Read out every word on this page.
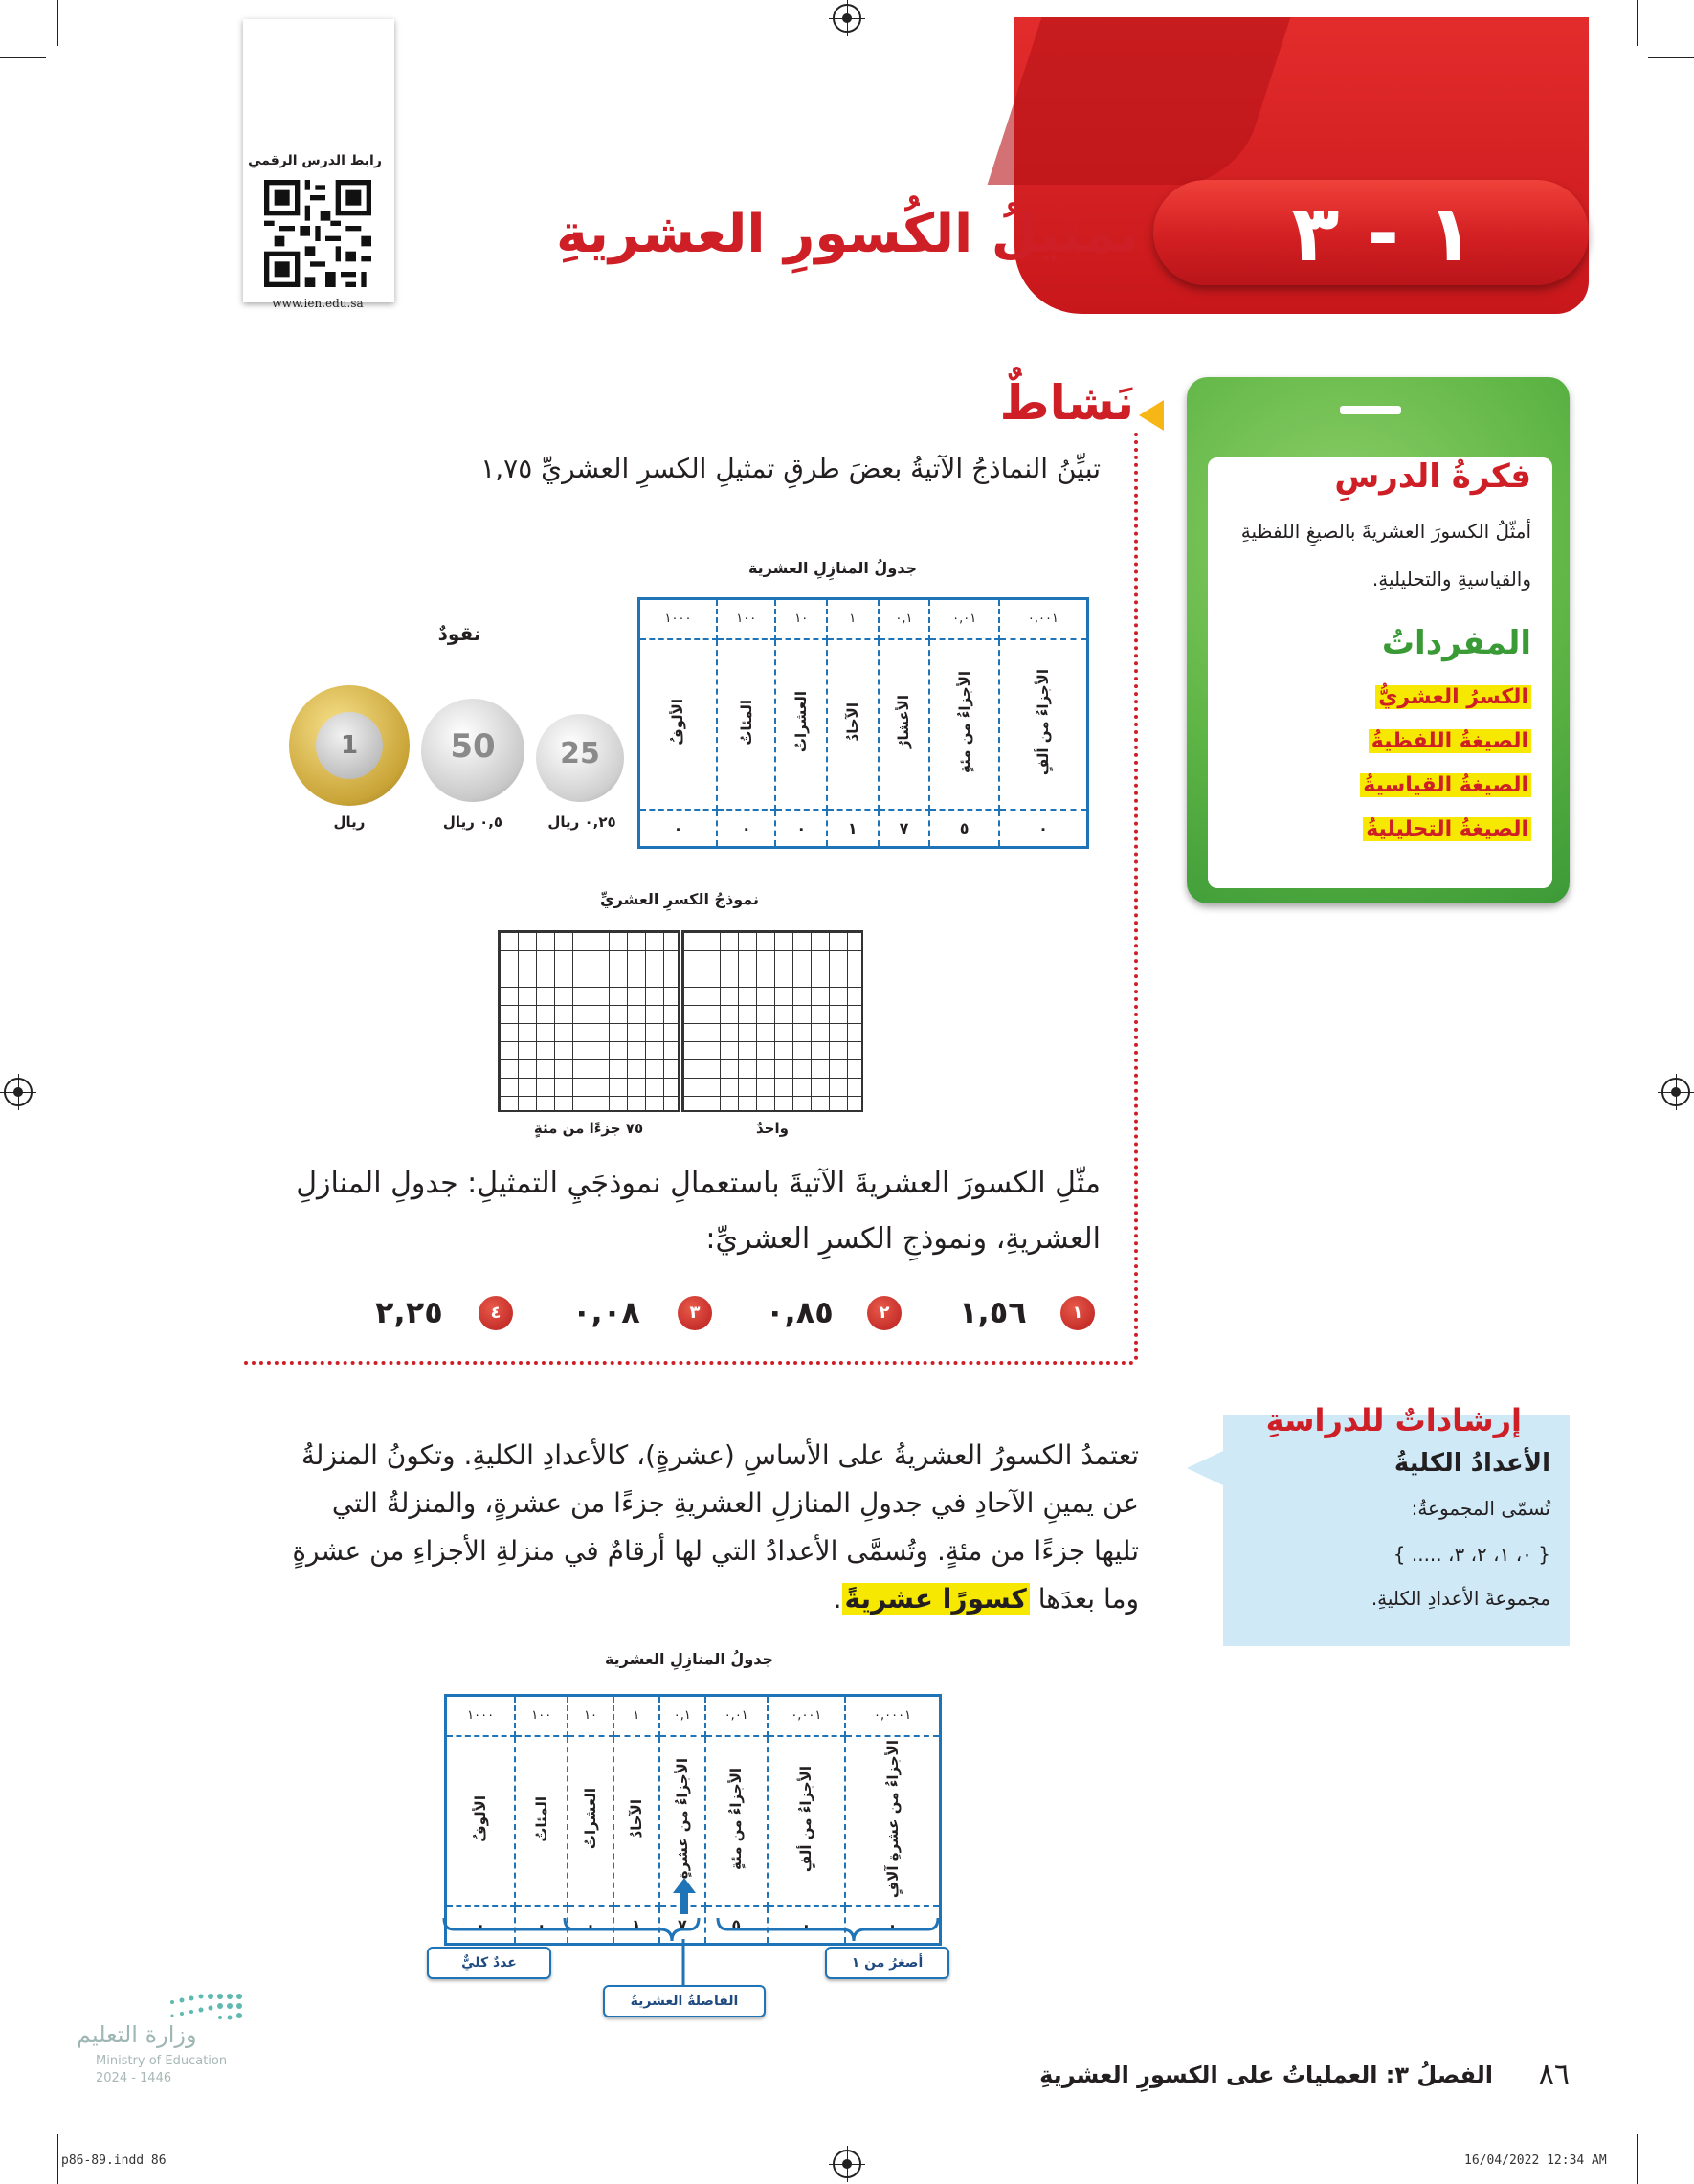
١ - ٣
تمثيلُ الكُسورِ العشريةِ
رابط الدرس الرقمي
www.ien.edu.sa
نَشاطٌ
تبيِّنُ النماذجُ الآتيةُ بعضَ طرقِ تمثيلِ الكسرِ العشريِّ ١,٧٥
جدولُ المنازِلِ العشرية
١٠٠٠	١٠٠	١٠	١	٠,١	٠,٠١	٠,٠٠١
الألوفُ	المئاتُ	العشراتُ	الآحادُ	الأعشارُ	الأجزاءُ من مئةٍ	الأجزاءُ من ألفٍ
٠	٠	٠	١	٧	٥	٠
نقودٌ
1	50	25
ريال	٠,٥ ريال	٠,٢٥ ريال
نموذجُ الكسرِ العشريِّ
٧٥ جزءًا من مئةٍ	واحدٌ
مثّلِ الكسورَ العشريةَ الآتيةَ باستعمالِ نموذجَيِ التمثيلِ: جدولِ المنازلِ العشريةِ، ونموذجِ الكسرِ العشريِّ:
١
١,٥٦
٢
٠,٨٥
٣
٠,٠٨
٤
٢,٢٥
فكرةُ الدرسِ
أمثّلُ الكسورَ العشريةَ بالصيغِ اللفظيةِ والقياسيةِ والتحليليةِ.
المفرداتُ
الكسرُ العشريُّ
الصيغةُ اللفظيةُ
الصيغةُ القياسيةُ
الصيغةُ التحليليةُ
إرشاداتٌ للدراسةِ
الأعدادُ الكليةُ
تُسمّى المجموعةُ:
{ ٠، ١، ٢، ٣، ..... }
مجموعةَ الأعدادِ الكليةِ.
تعتمدُ الكسورُ العشريةُ على الأساسِ (عشرةٍ)، كالأعدادِ الكليةِ. وتكونُ المنزلةُ عن يمينِ الآحادِ في جدولِ المنازلِ العشريةِ جزءًا من عشرةٍ، والمنزلةُ التي تليها جزءًا من مئةٍ. وتُسمَّى الأعدادُ التي لها أرقامٌ في منزلةِ الأجزاءِ من عشرةٍ وما بعدَها كسورًا عشريةً.
جدولُ المنازِلِ العشرية
١٠٠٠	١٠٠	١٠	١	٠,١	٠,٠١	٠,٠٠١	٠,٠٠٠١
الألوفُ	المئاتُ	العشراتُ	الآحادُ	الأجزاءُ من عشرةٍ	الأجزاءُ من مئةٍ	الأجزاءُ من ألفٍ	الأجزاءُ من عشرةِ آلافٍ
٠	٠	٠	١	٧	٥	٠	٠
عددٌ كليٌّ	أصغرُ من ١
الفاصلةُ العشريةُ
الفصلُ ٣: العملياتُ على الكسورِ العشريةِ	٨٦
وزارة التعليم
Ministry of Education
2024 - 1446
p86-89.indd 86	16/04/2022 12:34 AM
